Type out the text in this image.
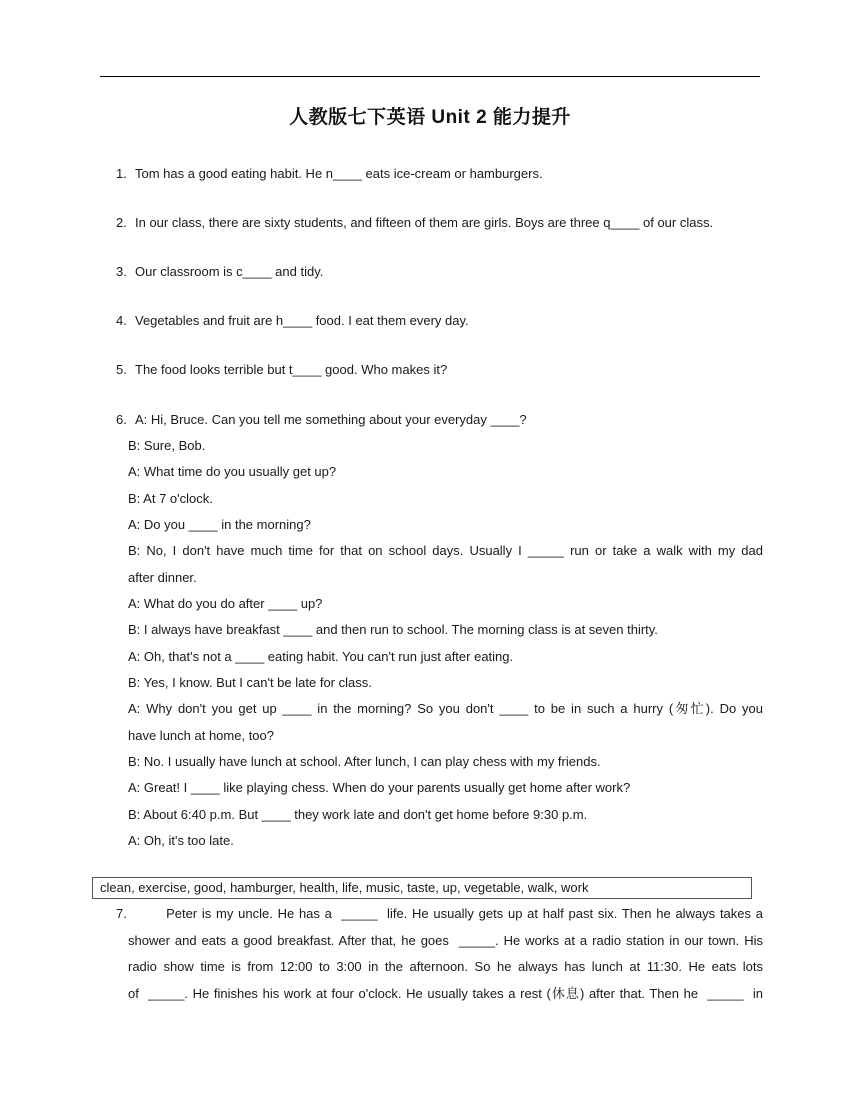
人教版七下英语 Unit 2 能力提升
1. Tom has a good eating habit. He n____ eats ice-cream or hamburgers.
2. In our class, there are sixty students, and fifteen of them are girls. Boys are three q____ of our class.
3. Our classroom is c____ and tidy.
4. Vegetables and fruit are h____ food. I eat them every day.
5. The food looks terrible but t____ good. Who makes it?
6. A: Hi, Bruce. Can you tell me something about your everyday ____?
B: Sure, Bob.
A: What time do you usually get up?
B: At 7 o'clock.
A: Do you ____ in the morning?
B: No, I don't have much time for that on school days. Usually I _____ run or take a walk with my dad
after dinner.
A: What do you do after ____ up?
B: I always have breakfast ____ and then run to school. The morning class is at seven thirty.
A: Oh, that's not a ____ eating habit. You can't run just after eating.
B: Yes, I know. But I can't be late for class.
A: Why don't you get up ____ in the morning? So you don't ____ to be in such a hurry (匆忙). Do you
have lunch at home, too?
B: No. I usually have lunch at school. After lunch, I can play chess with my friends.
A: Great! I ____ like playing chess. When do your parents usually get home after work?
B: About 6:40 p.m. But ____ they work late and don't get home before 9:30 p.m.
A: Oh, it's too late.
clean, exercise, good, hamburger, health, life, music, taste, up, vegetable, walk, work
7. Peter is my uncle. He has a  _____  life. He usually gets up at half past six. Then he always takes a
shower and eats a good breakfast. After that, he goes  _____. He works at a radio station in our town. His
radio show time is from 12:00 to 3:00 in the afternoon. So he always has lunch at 11:30. He eats lots
of  _____. He finishes his work at four o'clock. He usually takes a rest (休息) after that. Then he  _____  in
